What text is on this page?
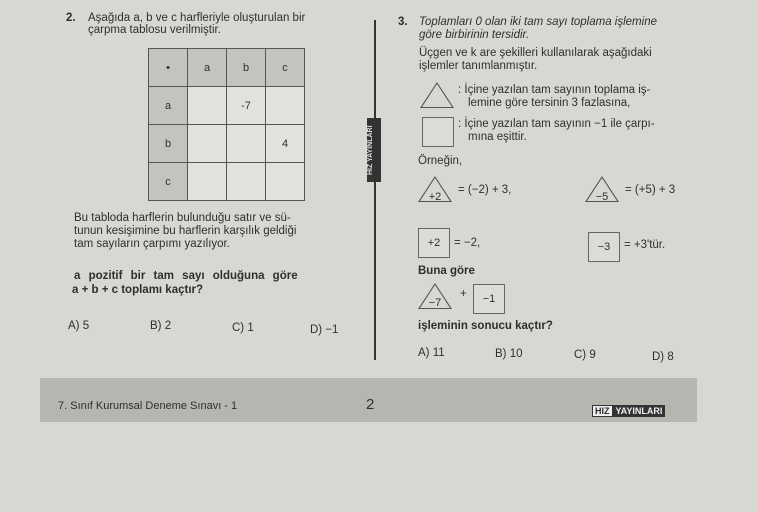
2. Aşağıda a, b ve c harfleriyle oluşturulan bir
çarpma tablosu verilmiştir.
•	a	b	c
a		-7	
b			4
c			
Bu tabloda harflerin bulunduğu satır ve sü-
tunun kesişimine bu harflerin karşılık geldiği
tam sayıların çarpımı yazılıyor.
a pozitif bir tam sayı olduğuna göre
a + b + c toplamı kaçtır?
A) 5	B) 2	C) 1	D) −1
HIZ YAYINLARI
3. Toplamları 0 olan iki tam sayı toplama işlemine
göre birbirinin tersidir.
Üçgen ve k are şekilleri kullanılarak aşağıdaki
işlemler tanımlanmıştır.
: İçine yazılan tam sayının toplama iş-
lemine göre tersinin 3 fazlasına,
: İçine yazılan tam sayının −1 ile çarpı-
mına eşittir.
Örneğin,
+2
= (−2) + 3,
−5
= (+5) + 3
+2	= −2,	−3	= +3'tür.
Buna göre
−7
+	−1
işleminin sonucu kaçtır?
A) 11	B) 10	C) 9	D) 8
7. Sınıf Kurumsal Deneme Sınavı - 1	2	HIZ YAYINLARI
